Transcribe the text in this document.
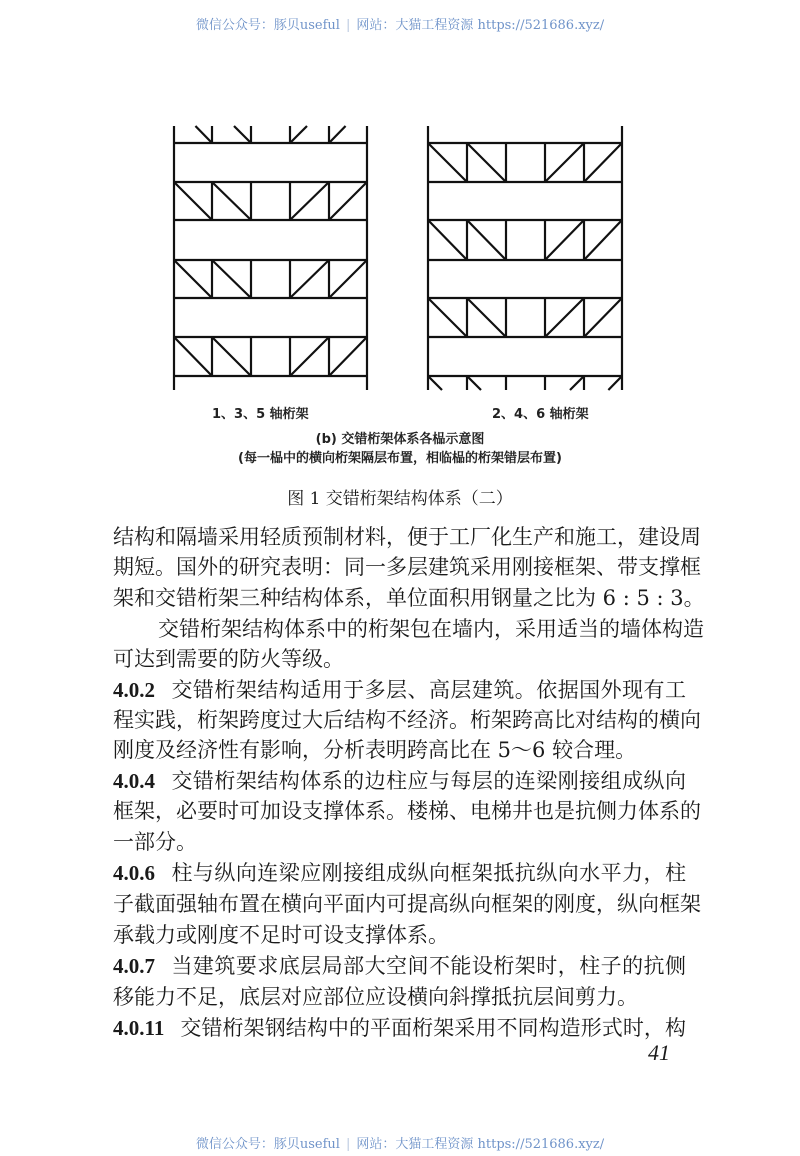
微信公众号：豚贝useful | 网站：大猫工程资源 https://521686.xyz/
1、3、5 轴桁架	2、4、6 轴桁架
(b) 交错桁架体系各榀示意图
(每一榀中的横向桁架隔层布置，相临榀的桁架错层布置)
图 1 交错桁架结构体系（二）
结构和隔墙采用轻质预制材料，便于工厂化生产和施工，建设周
期短。国外的研究表明：同一多层建筑采用刚接框架、带支撑框
架和交错桁架三种结构体系，单位面积用钢量之比为 6 : 5 : 3。
交错桁架结构体系中的桁架包在墙内，采用适当的墙体构造
可达到需要的防火等级。
4.0.2 交错桁架结构适用于多层、高层建筑。依据国外现有工
程实践，桁架跨度过大后结构不经济。桁架跨高比对结构的横向
刚度及经济性有影响，分析表明跨高比在 5～6 较合理。
4.0.4 交错桁架结构体系的边柱应与每层的连梁刚接组成纵向
框架，必要时可加设支撑体系。楼梯、电梯井也是抗侧力体系的
一部分。
4.0.6 柱与纵向连梁应刚接组成纵向框架抵抗纵向水平力，柱
子截面强轴布置在横向平面内可提高纵向框架的刚度，纵向框架
承载力或刚度不足时可设支撑体系。
4.0.7 当建筑要求底层局部大空间不能设桁架时，柱子的抗侧
移能力不足，底层对应部位应设横向斜撑抵抗层间剪力。
4.0.11 交错桁架钢结构中的平面桁架采用不同构造形式时，构
41
微信公众号：豚贝useful | 网站：大猫工程资源 https://521686.xyz/
